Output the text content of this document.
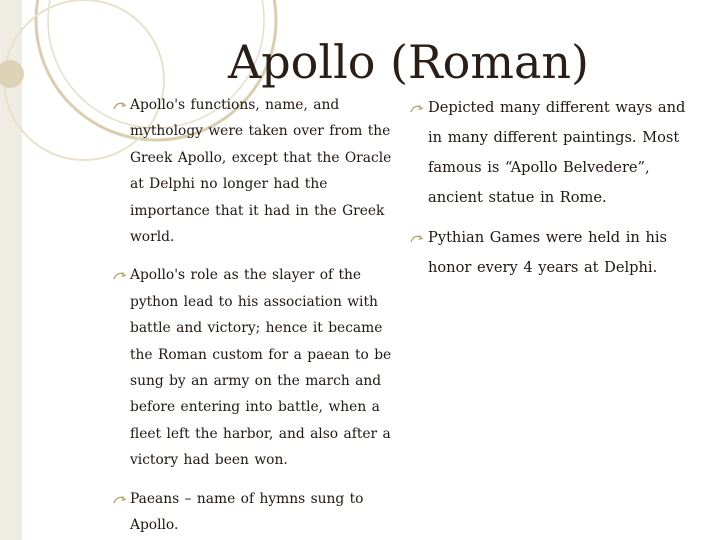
Apollo (Roman)
Apollo's functions, name, and mythology were taken over from the Greek Apollo, except that the Oracle at Delphi no longer had the importance that it had in the Greek world.
Apollo's role as the slayer of the python lead to his association with battle and victory; hence it became the Roman custom for a paean to be sung by an army on the march and before entering into battle, when a fleet left the harbor, and also after a victory had been won.
Paeans – name of hymns sung to Apollo.
Depicted many different ways and in many different paintings. Most famous is “Apollo Belvedere”, ancient statue in Rome.
Pythian Games were held in his honor every 4 years at Delphi.
